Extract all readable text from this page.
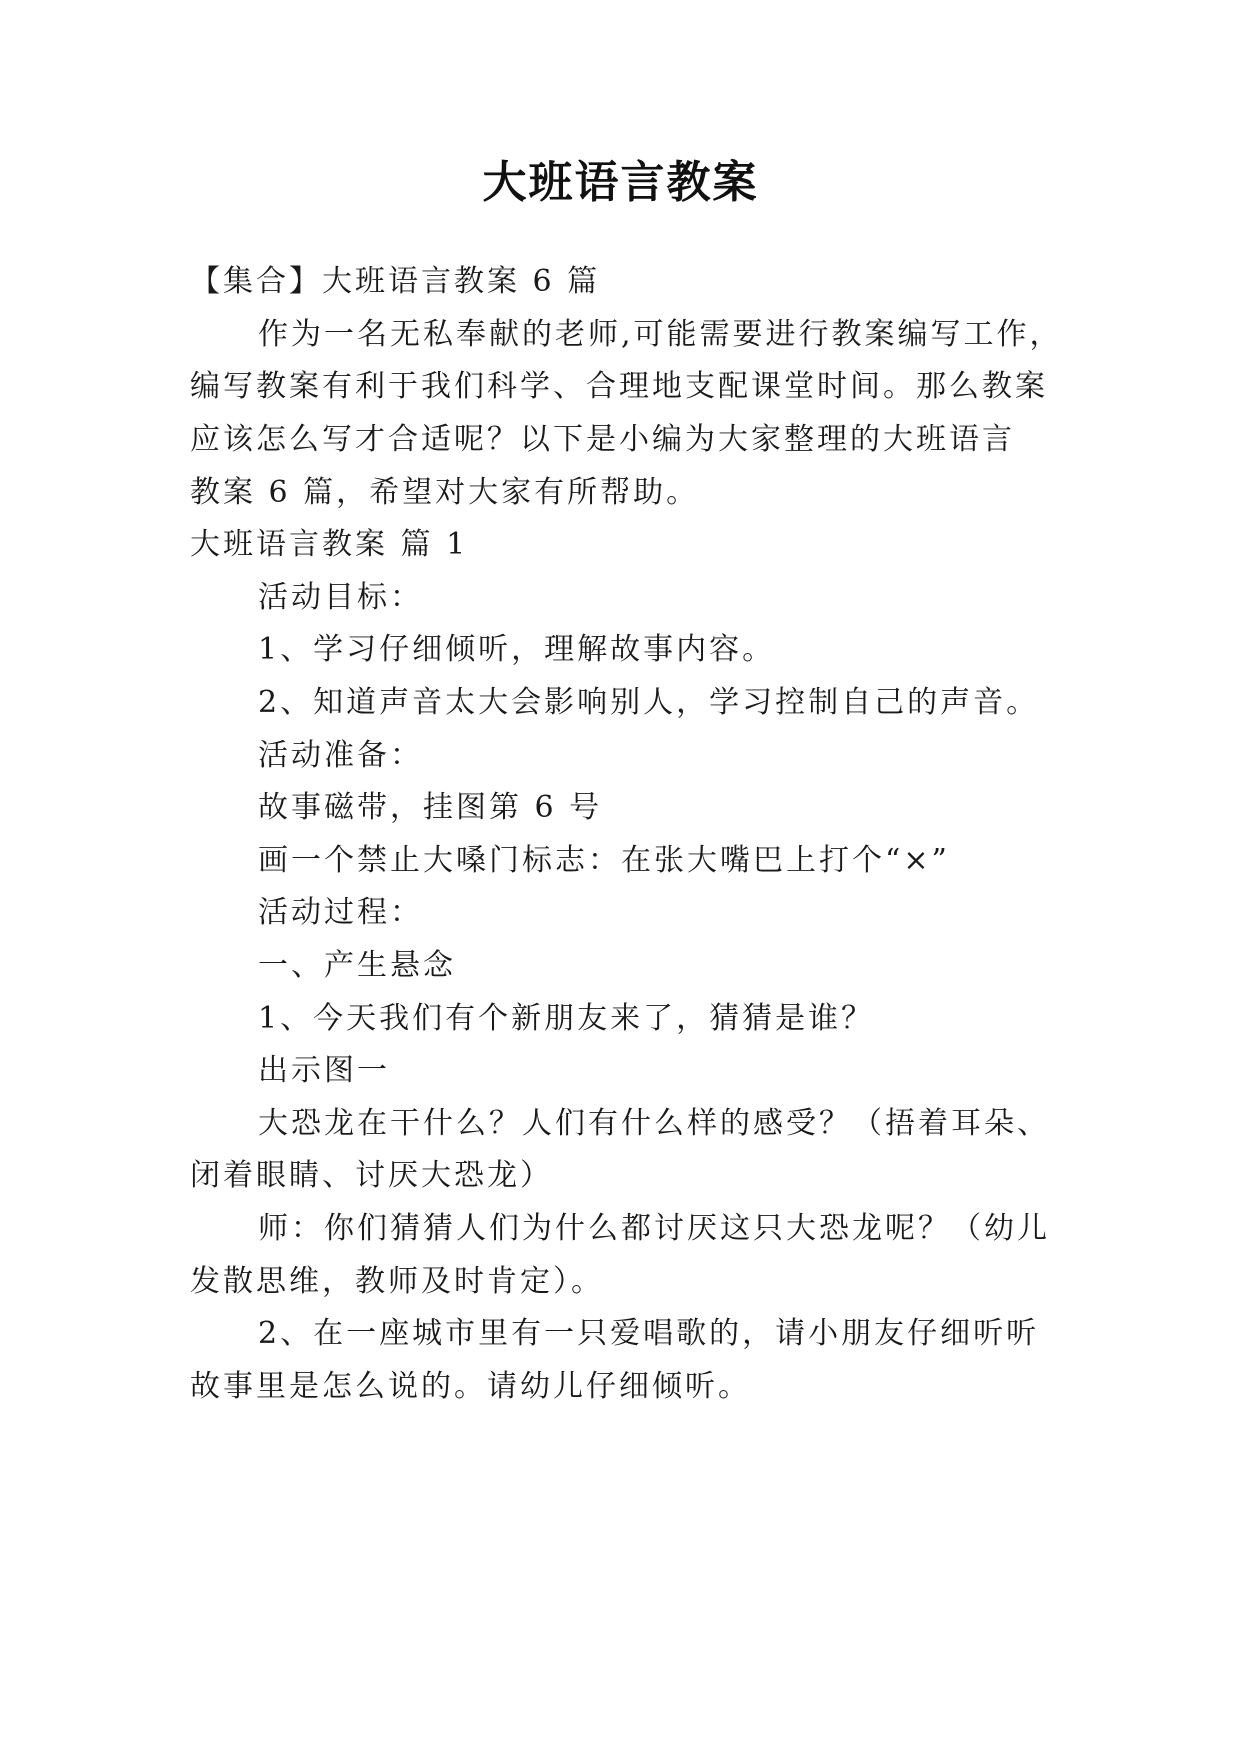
大班语言教案
【集合】大班语言教案 6 篇
作为一名无私奉献的老师,可能需要进行教案编写工作，
编写教案有利于我们科学、合理地支配课堂时间。那么教案
应该怎么写才合适呢？以下是小编为大家整理的大班语言
教案 6 篇，希望对大家有所帮助。
大班语言教案 篇 1
活动目标：
1、学习仔细倾听，理解故事内容。
2、知道声音太大会影响别人，学习控制自己的声音。
活动准备：
故事磁带，挂图第 6 号
画一个禁止大嗓门标志：在张大嘴巴上打个“×”
活动过程：
一、产生悬念
1、今天我们有个新朋友来了，猜猜是谁？
出示图一
大恐龙在干什么？人们有什么样的感受？（捂着耳朵、
闭着眼睛、讨厌大恐龙）
师：你们猜猜人们为什么都讨厌这只大恐龙呢？（幼儿
发散思维，教师及时肯定）。
2、在一座城市里有一只爱唱歌的，请小朋友仔细听听
故事里是怎么说的。请幼儿仔细倾听。
